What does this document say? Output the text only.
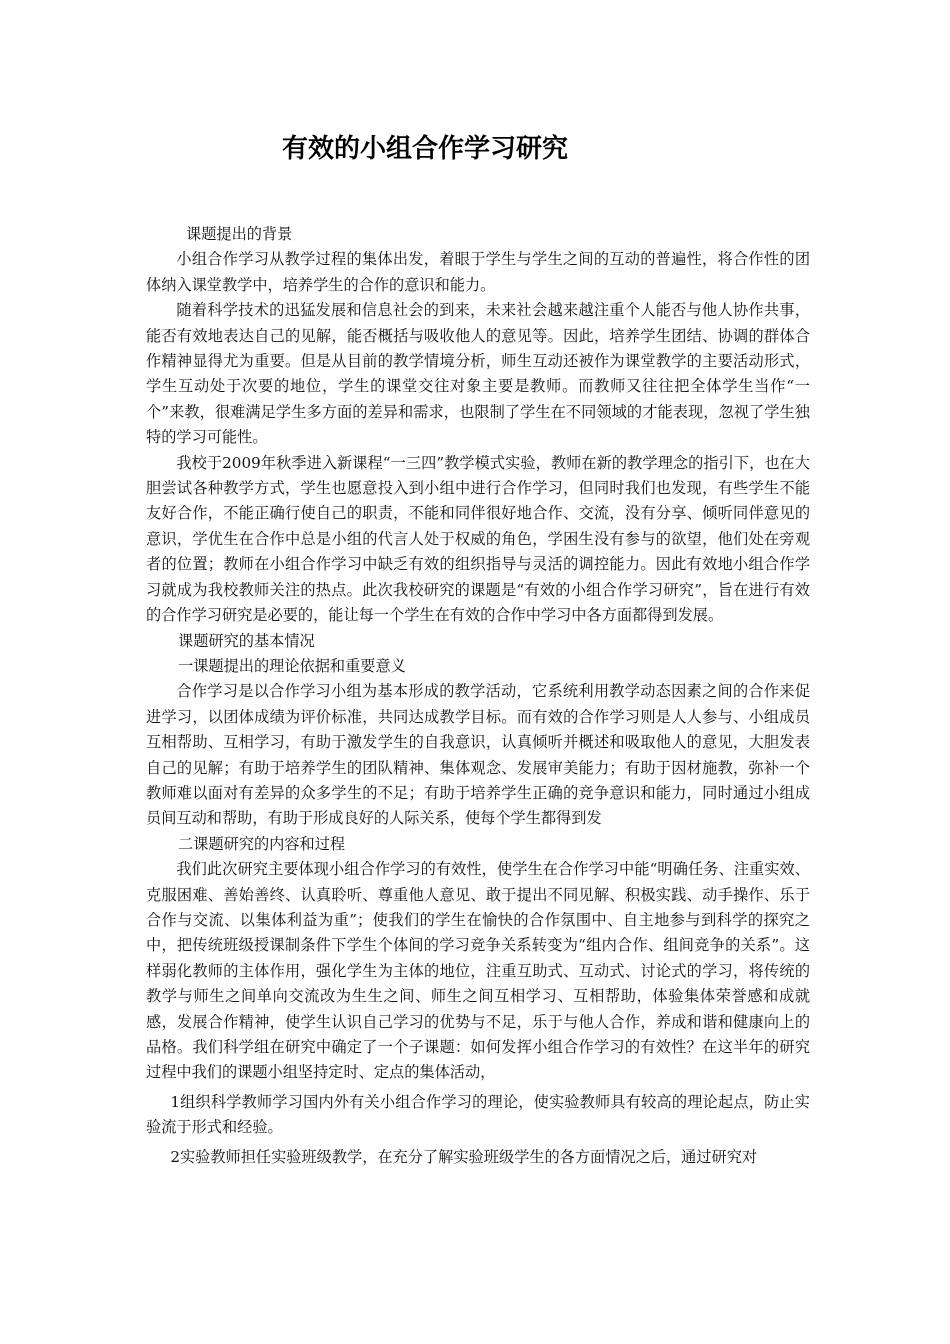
有效的小组合作学习研究

课题提出的背景

小组合作学习从教学过程的集体出发，着眼于学生与学生之间的互动的普遍性，将合作性的团体纳入课堂教学中，培养学生的合作的意识和能力。

随着科学技术的迅猛发展和信息社会的到来，未来社会越来越注重个人能否与他人协作共事，能否有效地表达自己的见解，能否概括与吸收他人的意见等。因此，培养学生团结、协调的群体合作精神显得尤为重要。但是从目前的教学情境分析，师生互动还被作为课堂教学的主要活动形式，学生互动处于次要的地位，学生的课堂交往对象主要是教师。而教师又往往把全体学生当作“一个”来教，很难满足学生多方面的差异和需求，也限制了学生在不同领域的才能表现，忽视了学生独特的学习可能性。

我校于2009年秋季进入新课程“一三四”教学模式实验，教师在新的教学理念的指引下，也在大胆尝试各种教学方式，学生也愿意投入到小组中进行合作学习，但同时我们也发现，有些学生不能友好合作，不能正确行使自己的职责，不能和同伴很好地合作、交流，没有分享、倾听同伴意见的意识，学优生在合作中总是小组的代言人处于权威的角色，学困生没有参与的欲望，他们处在旁观者的位置；教师在小组合作学习中缺乏有效的组织指导与灵活的调控能力。因此有效地小组合作学习就成为我校教师关注的热点。此次我校研究的课题是“有效的小组合作学习研究”，旨在进行有效的合作学习研究是必要的，能让每一个学生在有效的合作中学习中各方面都得到发展。

课题研究的基本情况

一课题提出的理论依据和重要意义

合作学习是以合作学习小组为基本形成的教学活动，它系统利用教学动态因素之间的合作来促进学习，以团体成绩为评价标准，共同达成教学目标。而有效的合作学习则是人人参与、小组成员互相帮助、互相学习，有助于激发学生的自我意识，认真倾听并概述和吸取他人的意见，大胆发表自己的见解；有助于培养学生的团队精神、集体观念、发展审美能力；有助于因材施教，弥补一个教师难以面对有差异的众多学生的不足；有助于培养学生正确的竞争意识和能力，同时通过小组成员间互动和帮助，有助于形成良好的人际关系，使每个学生都得到发

二课题研究的内容和过程

我们此次研究主要体现小组合作学习的有效性，使学生在合作学习中能“明确任务、注重实效、克服困难、善始善终、认真聆听、尊重他人意见、敢于提出不同见解、积极实践、动手操作、乐于合作与交流、以集体利益为重”；使我们的学生在愉快的合作氛围中、自主地参与到科学的探究之中，把传统班级授课制条件下学生个体间的学习竞争关系转变为“组内合作、组间竞争的关系”。这样弱化教师的主体作用，强化学生为主体的地位，注重互助式、互动式、讨论式的学习，将传统的教学与师生之间单向交流改为生生之间、师生之间互相学习、互相帮助，体验集体荣誉感和成就感，发展合作精神，使学生认识自己学习的优势与不足，乐于与他人合作，养成和谐和健康向上的品格。我们科学组在研究中确定了一个子课题：如何发挥小组合作学习的有效性？在这半年的研究过程中我们的课题小组坚持定时、定点的集体活动，

1组织科学教师学习国内外有关小组合作学习的理论，使实验教师具有较高的理论起点，防止实验流于形式和经验。

2实验教师担任实验班级教学，在充分了解实验班级学生的各方面情况之后，通过研究对
